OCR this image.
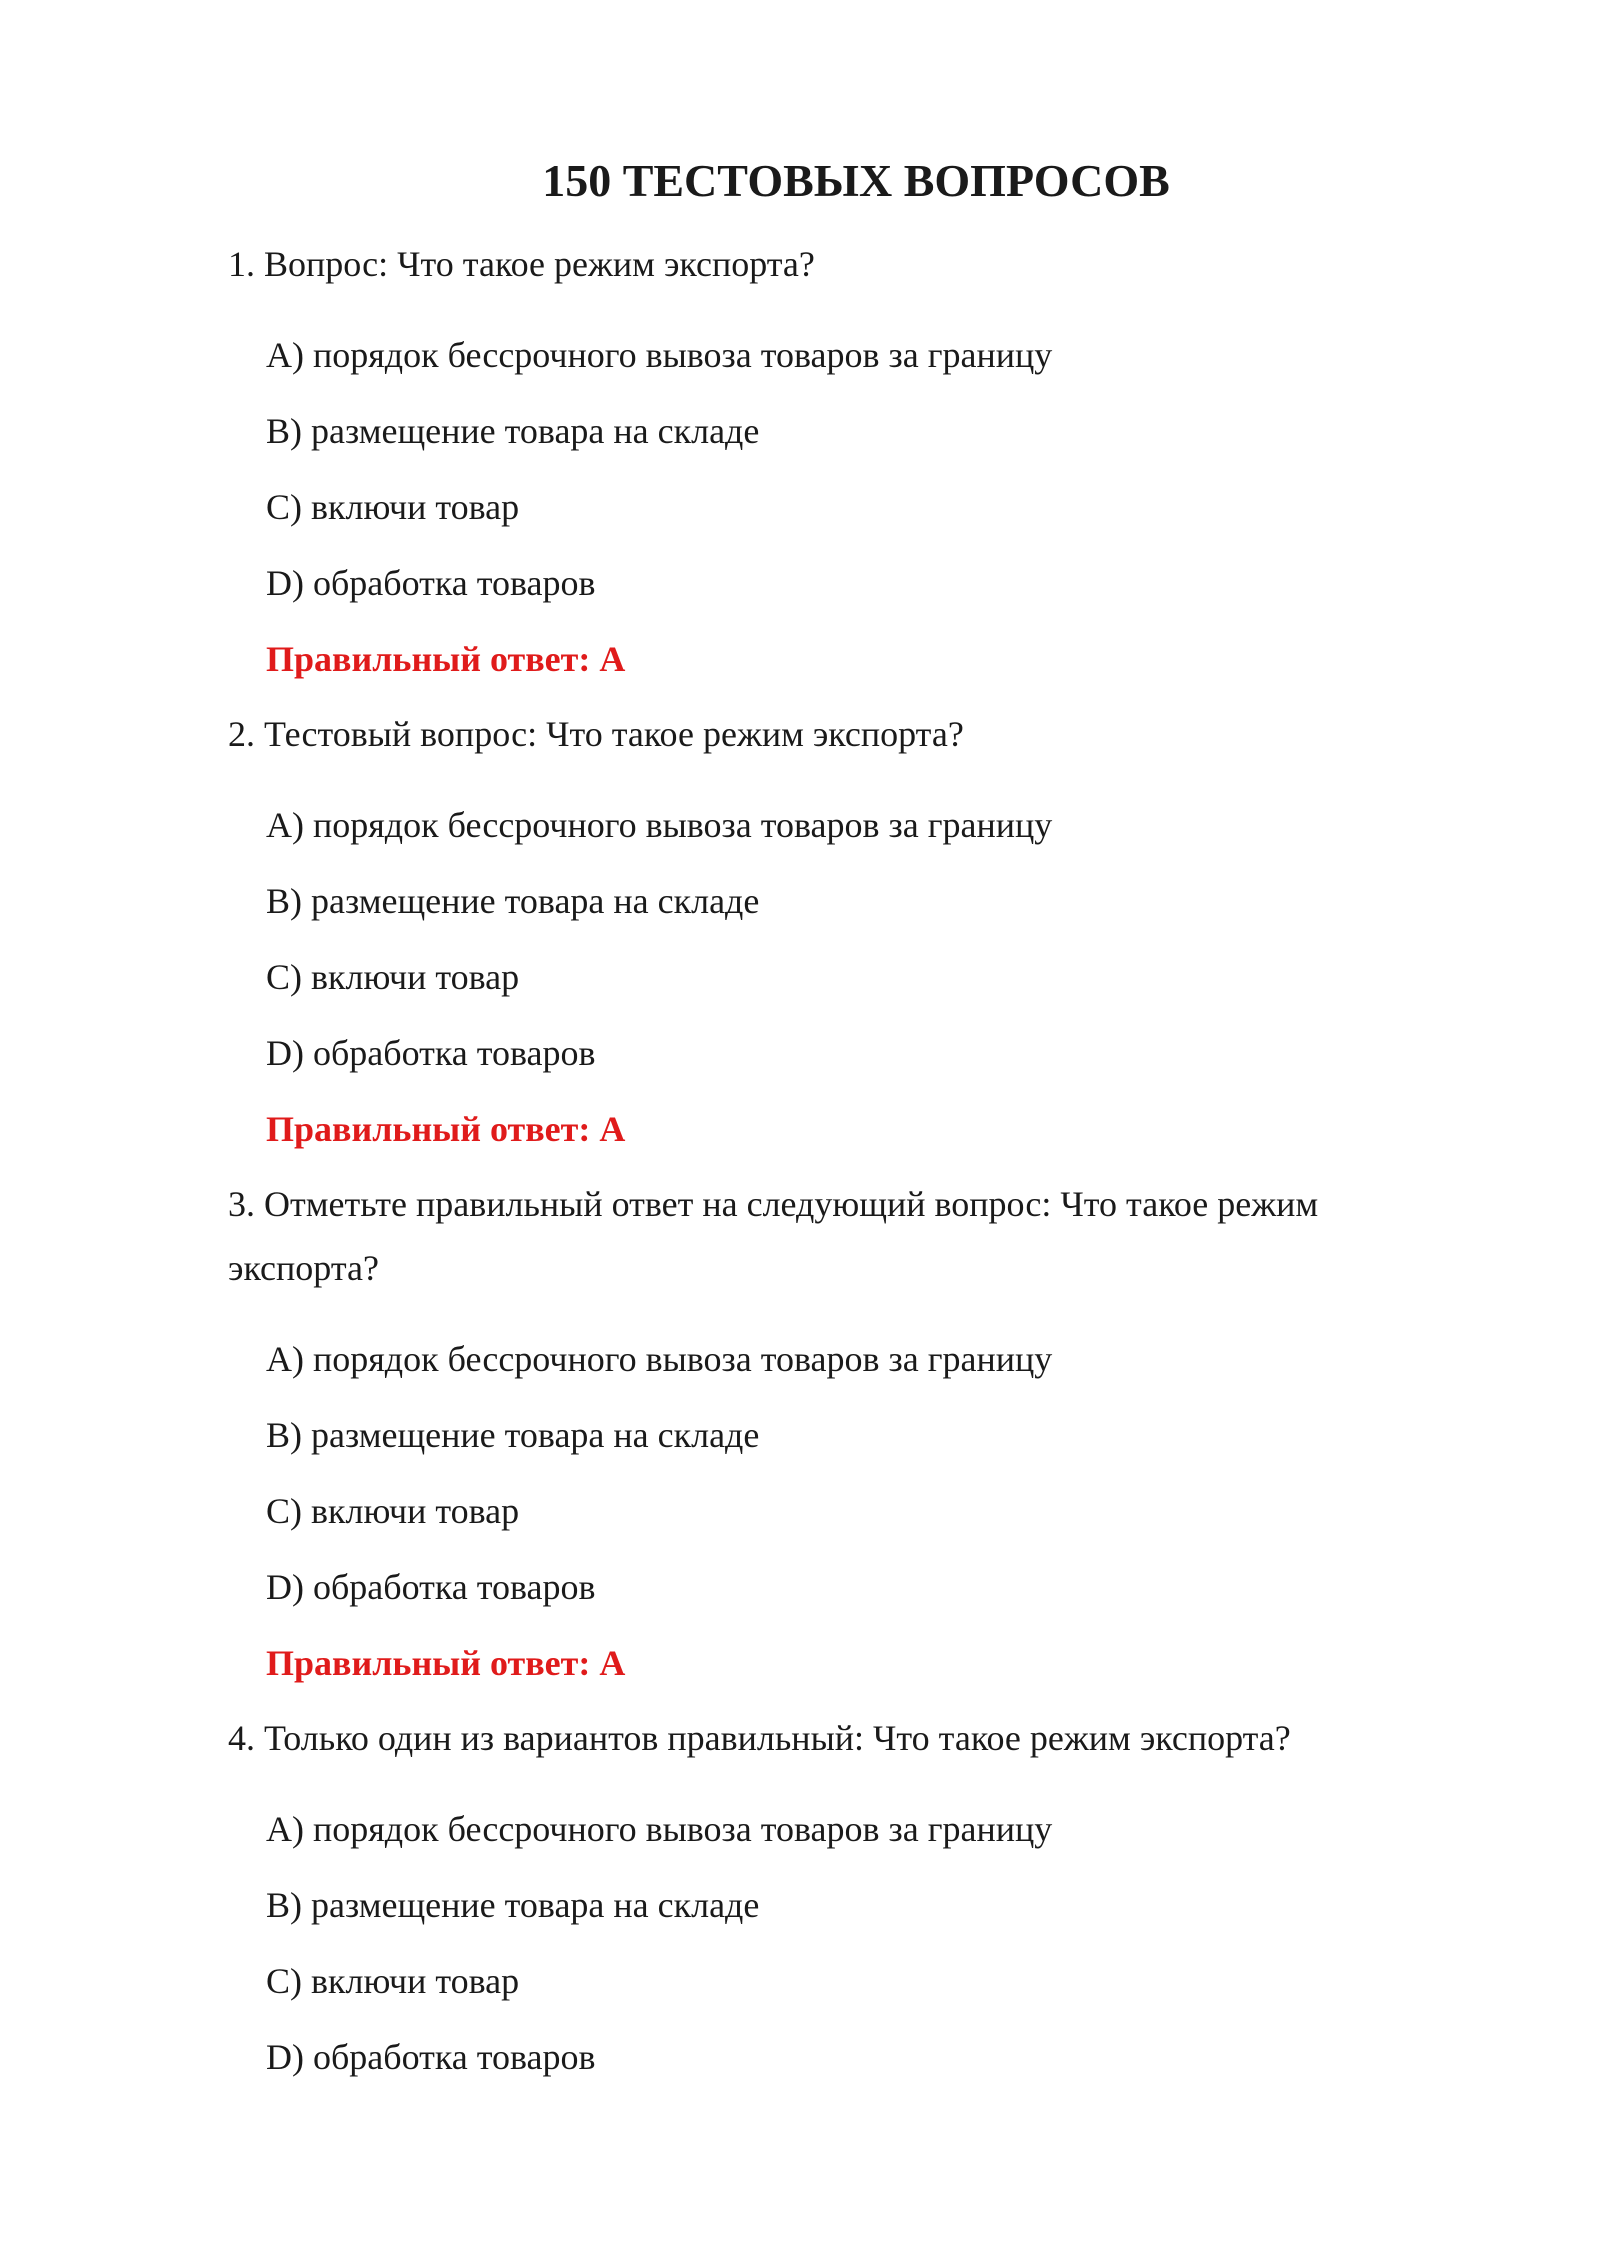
150 ТЕСТОВЫХ ВОПРОСОВ
1. Вопрос: Что такое режим экспорта?
A) порядок бессрочного вывоза товаров за границу
B) размещение товара на складе
C) включи товар
D) обработка товаров
Правильный ответ: A
2. Тестовый вопрос: Что такое режим экспорта?
A) порядок бессрочного вывоза товаров за границу
B) размещение товара на складе
C) включи товар
D) обработка товаров
Правильный ответ: A
3. Отметьте правильный ответ на следующий вопрос: Что такое режим экспорта?
A) порядок бессрочного вывоза товаров за границу
B) размещение товара на складе
C) включи товар
D) обработка товаров
Правильный ответ: A
4. Только один из вариантов правильный: Что такое режим экспорта?
A) порядок бессрочного вывоза товаров за границу
B) размещение товара на складе
C) включи товар
D) обработка товаров
